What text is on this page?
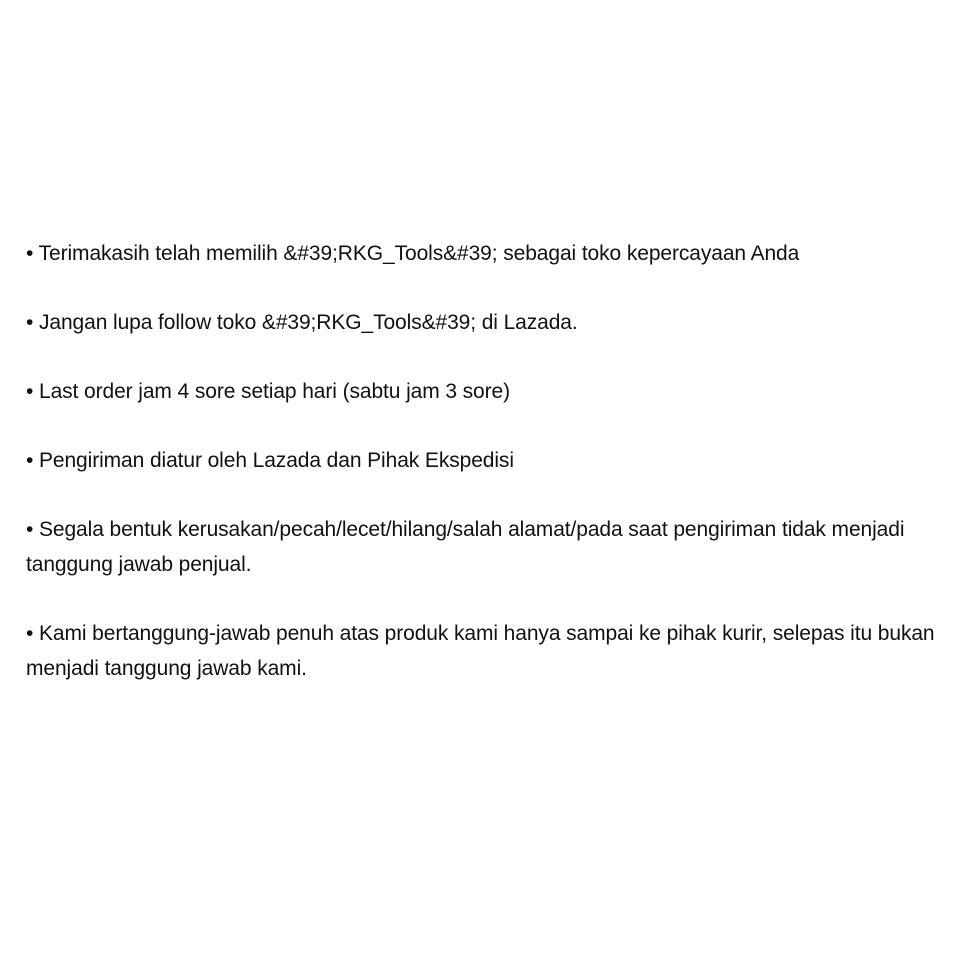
• Terimakasih telah memilih &#39;RKG_Tools&#39; sebagai toko kepercayaan Anda

• Jangan lupa follow toko &#39;RKG_Tools&#39; di Lazada.

• Last order jam 4 sore setiap hari (sabtu jam 3 sore)

• Pengiriman diatur oleh Lazada dan Pihak Ekspedisi

• Segala bentuk kerusakan/pecah/lecet/hilang/salah alamat/pada saat pengiriman tidak menjadi tanggung jawab penjual.

• Kami bertanggung-jawab penuh atas produk kami hanya sampai ke pihak kurir, selepas itu bukan menjadi tanggung jawab kami.
